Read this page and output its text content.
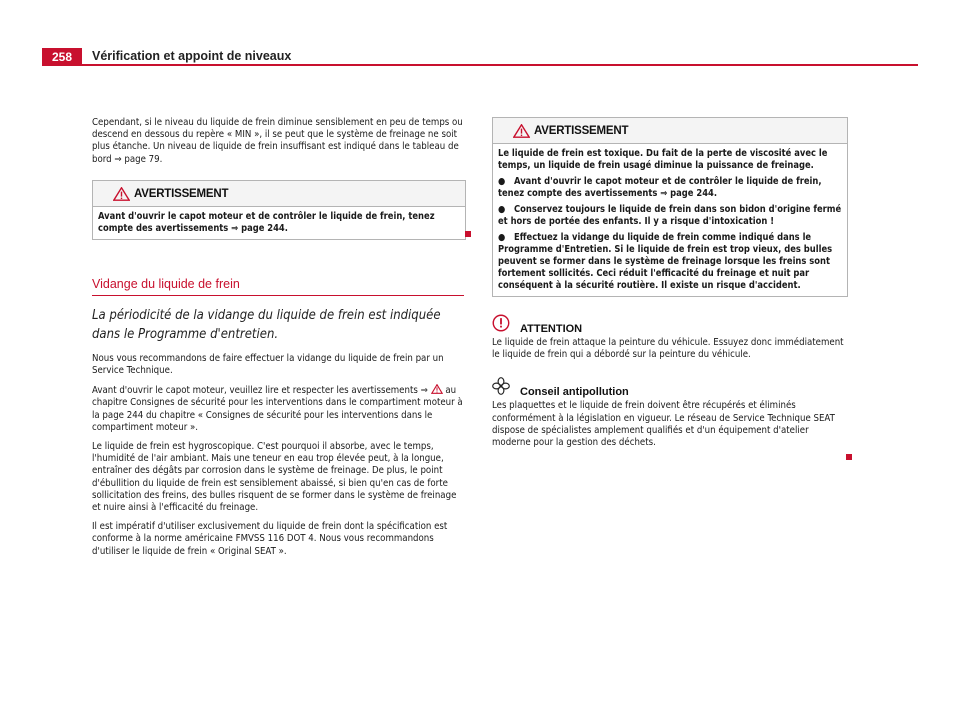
258	Vérification et appoint de niveaux

Cependant, si le niveau du liquide de frein diminue sensiblement en peu de temps ou descend en dessous du repère « MIN », il se peut que le système de freinage ne soit plus étanche. Un niveau de liquide de frein insuffisant est indiqué dans le tableau de bord ⇒ page 79.

AVERTISSEMENT
Avant d'ouvrir le capot moteur et de contrôler le liquide de frein, tenez compte des avertissements ⇒ page 244.
Vidange du liquide de frein
La périodicité de la vidange du liquide de frein est indiquée dans le Programme d'entretien.

Nous vous recommandons de faire effectuer la vidange du liquide de frein par un Service Technique.

Avant d'ouvrir le capot moteur, veuillez lire et respecter les avertissements ⇒ au chapitre Consignes de sécurité pour les interventions dans le compartiment moteur à la page 244 du chapitre « Consignes de sécurité pour les interventions dans le compartiment moteur ».

Le liquide de frein est hygroscopique. C'est pourquoi il absorbe, avec le temps, l'humidité de l'air ambiant. Mais une teneur en eau trop élevée peut, à la longue, entraîner des dégâts par corrosion dans le système de freinage. De plus, le point d'ébullition du liquide de frein est sensiblement abaissé, si bien qu'en cas de forte sollicitation des freins, des bulles risquent de se former dans le système de freinage et nuire ainsi à l'efficacité du freinage.

Il est impératif d'utiliser exclusivement du liquide de frein dont la spécification est conforme à la norme américaine FMVSS 116 DOT 4. Nous vous recommandons d'utiliser le liquide de frein « Original SEAT ».

AVERTISSEMENT
Le liquide de frein est toxique. Du fait de la perte de viscosité avec le temps, un liquide de frein usagé diminue la puissance de freinage.
● Avant d'ouvrir le capot moteur et de contrôler le liquide de frein, tenez compte des avertissements ⇒ page 244.
● Conservez toujours le liquide de frein dans son bidon d'origine fermé et hors de portée des enfants. Il y a risque d'intoxication !
● Effectuez la vidange du liquide de frein comme indiqué dans le Programme d'Entretien. Si le liquide de frein est trop vieux, des bulles peuvent se former dans le système de freinage lorsque les freins sont fortement sollicités. Ceci réduit l'efficacité du freinage et nuit par conséquent à la sécurité routière. Il existe un risque d'accident.
ATTENTION

Le liquide de frein attaque la peinture du véhicule. Essuyez donc immédiatement le liquide de frein qui a débordé sur la peinture du véhicule.

Conseil antipollution

Les plaquettes et le liquide de frein doivent être récupérés et éliminés conformément à la législation en vigueur. Le réseau de Service Technique SEAT dispose de spécialistes amplement qualifiés et d'un équipement d'atelier moderne pour la gestion des déchets.
